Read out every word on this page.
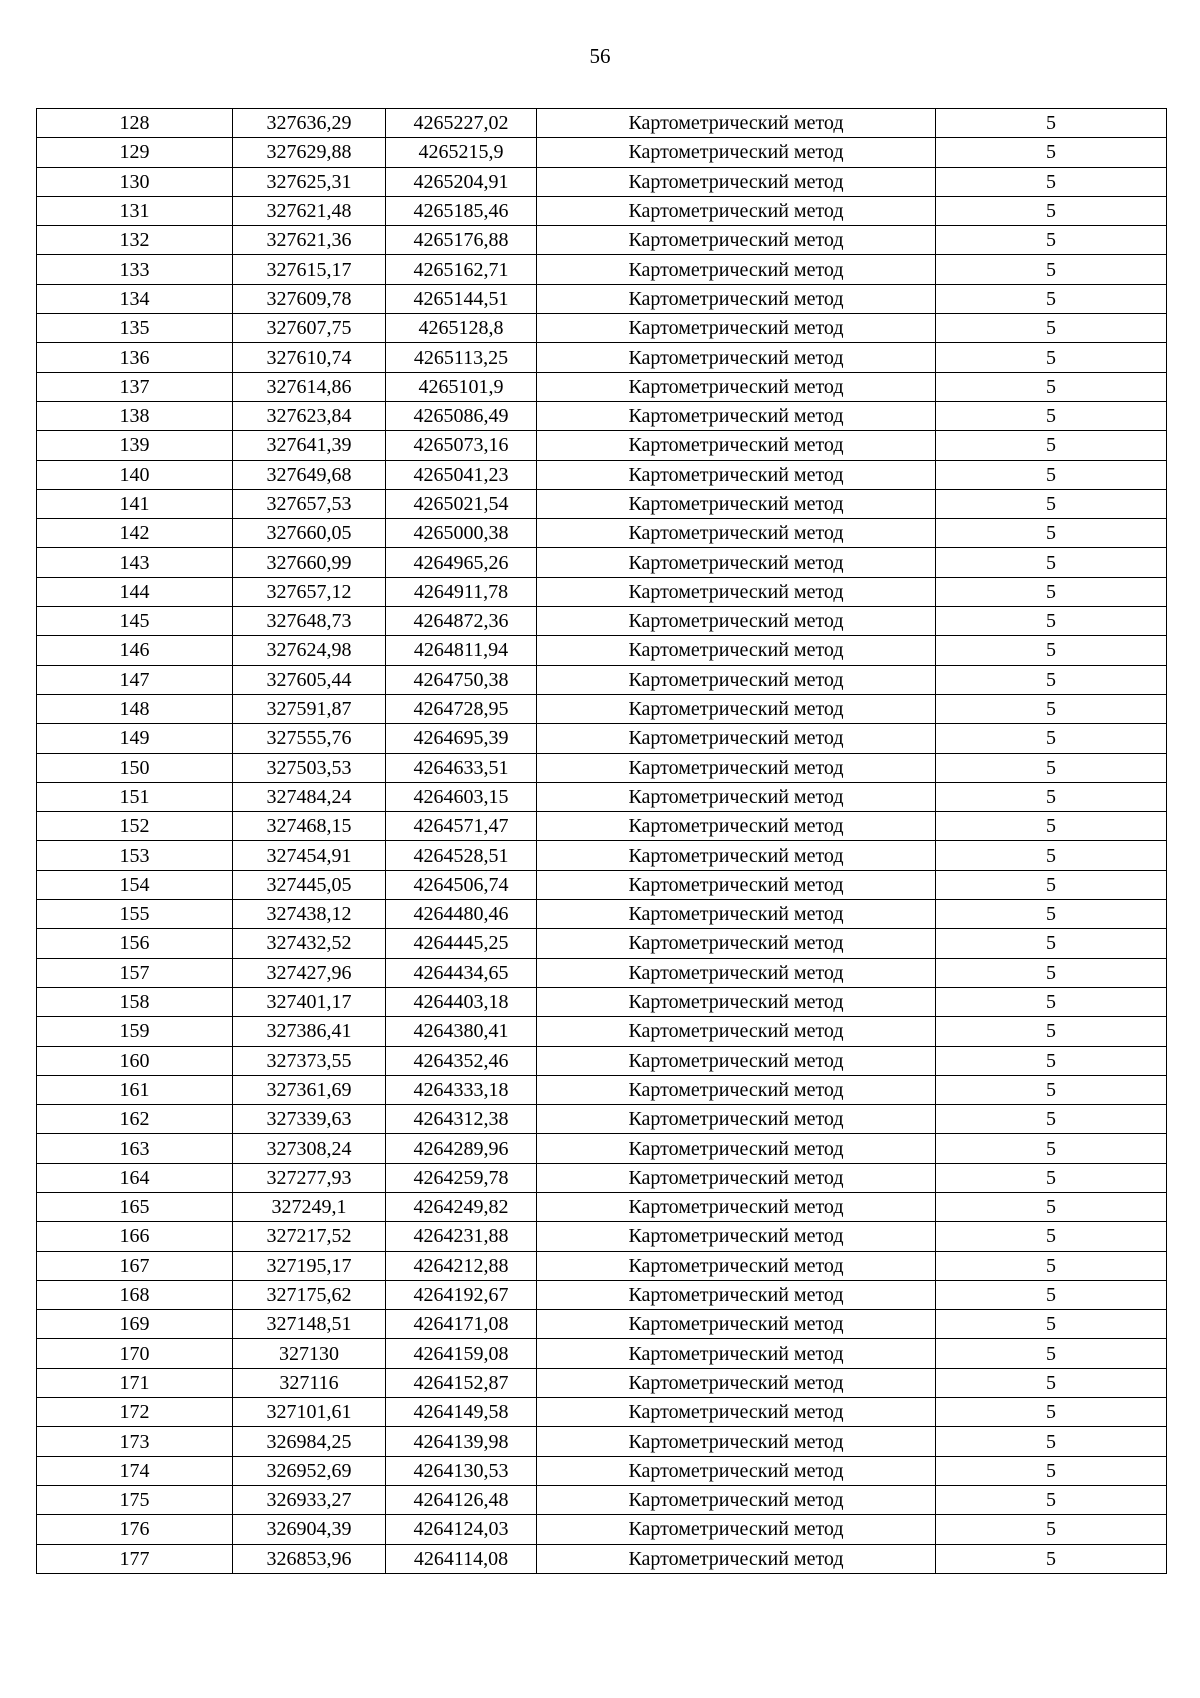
56
128	327636,29	4265227,02	Картометрический метод	5
129	327629,88	4265215,9	Картометрический метод	5
130	327625,31	4265204,91	Картометрический метод	5
131	327621,48	4265185,46	Картометрический метод	5
132	327621,36	4265176,88	Картометрический метод	5
133	327615,17	4265162,71	Картометрический метод	5
134	327609,78	4265144,51	Картометрический метод	5
135	327607,75	4265128,8	Картометрический метод	5
136	327610,74	4265113,25	Картометрический метод	5
137	327614,86	4265101,9	Картометрический метод	5
138	327623,84	4265086,49	Картометрический метод	5
139	327641,39	4265073,16	Картометрический метод	5
140	327649,68	4265041,23	Картометрический метод	5
141	327657,53	4265021,54	Картометрический метод	5
142	327660,05	4265000,38	Картометрический метод	5
143	327660,99	4264965,26	Картометрический метод	5
144	327657,12	4264911,78	Картометрический метод	5
145	327648,73	4264872,36	Картометрический метод	5
146	327624,98	4264811,94	Картометрический метод	5
147	327605,44	4264750,38	Картометрический метод	5
148	327591,87	4264728,95	Картометрический метод	5
149	327555,76	4264695,39	Картометрический метод	5
150	327503,53	4264633,51	Картометрический метод	5
151	327484,24	4264603,15	Картометрический метод	5
152	327468,15	4264571,47	Картометрический метод	5
153	327454,91	4264528,51	Картометрический метод	5
154	327445,05	4264506,74	Картометрический метод	5
155	327438,12	4264480,46	Картометрический метод	5
156	327432,52	4264445,25	Картометрический метод	5
157	327427,96	4264434,65	Картометрический метод	5
158	327401,17	4264403,18	Картометрический метод	5
159	327386,41	4264380,41	Картометрический метод	5
160	327373,55	4264352,46	Картометрический метод	5
161	327361,69	4264333,18	Картометрический метод	5
162	327339,63	4264312,38	Картометрический метод	5
163	327308,24	4264289,96	Картометрический метод	5
164	327277,93	4264259,78	Картометрический метод	5
165	327249,1	4264249,82	Картометрический метод	5
166	327217,52	4264231,88	Картометрический метод	5
167	327195,17	4264212,88	Картометрический метод	5
168	327175,62	4264192,67	Картометрический метод	5
169	327148,51	4264171,08	Картометрический метод	5
170	327130	4264159,08	Картометрический метод	5
171	327116	4264152,87	Картометрический метод	5
172	327101,61	4264149,58	Картометрический метод	5
173	326984,25	4264139,98	Картометрический метод	5
174	326952,69	4264130,53	Картометрический метод	5
175	326933,27	4264126,48	Картометрический метод	5
176	326904,39	4264124,03	Картометрический метод	5
177	326853,96	4264114,08	Картометрический метод	5
